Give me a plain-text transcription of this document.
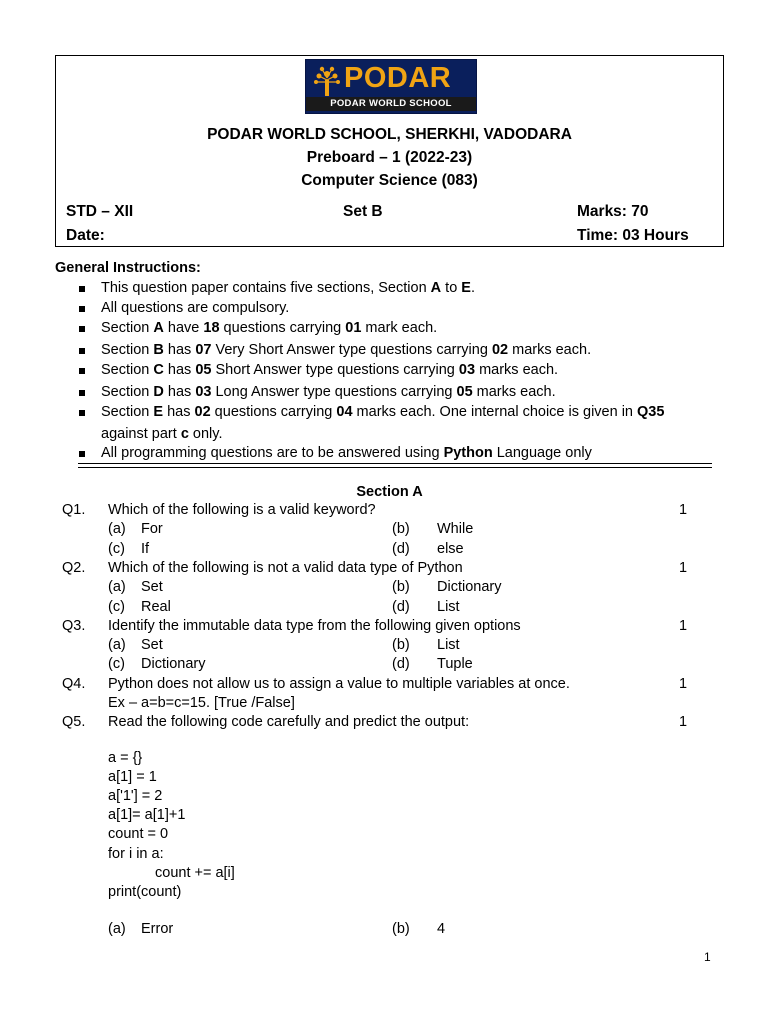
PODAR
PODAR WORLD SCHOOL
PODAR WORLD SCHOOL, SHERKHI, VADODARA
Preboard – 1 (2022-23)
Computer Science (083)
STD – XII	Set B	Marks: 70
Date:	Time: 03 Hours
General Instructions:
This question paper contains five sections, Section A to E.
All questions are compulsory.
Section A have 18 questions carrying 01 mark each.
Section B has 07 Very Short Answer type questions carrying 02 marks each.
Section C has 05 Short Answer type questions carrying 03 marks each.
Section D has 03 Long Answer type questions carrying 05 marks each.
Section E has 02 questions carrying 04 marks each. One internal choice is given in Q35
All programming questions are to be answered using Python Language only
against part c only.
Section A
Q1. Which of the following is a valid keyword?	1
(a) For	(b) While
(c) If	(d) else
Q2. Which of the following is not a valid data type of Python	1
(a) Set	(b) Dictionary
(c) Real	(d) List
Q3. Identify the immutable data type from the following given options	1
(a) Set	(b) List
(c) Dictionary	(d) Tuple
Q4. Python does not allow us to assign a value to multiple variables at once.	1
Ex – a=b=c=15. [True /False]
Q5. Read the following code carefully and predict the output:	1
a = {}
a[1] = 1
a['1'] = 2
a[1]= a[1]+1
count = 0
for i in a:
count += a[i]
print(count)
(a) Error	(b) 4
1
